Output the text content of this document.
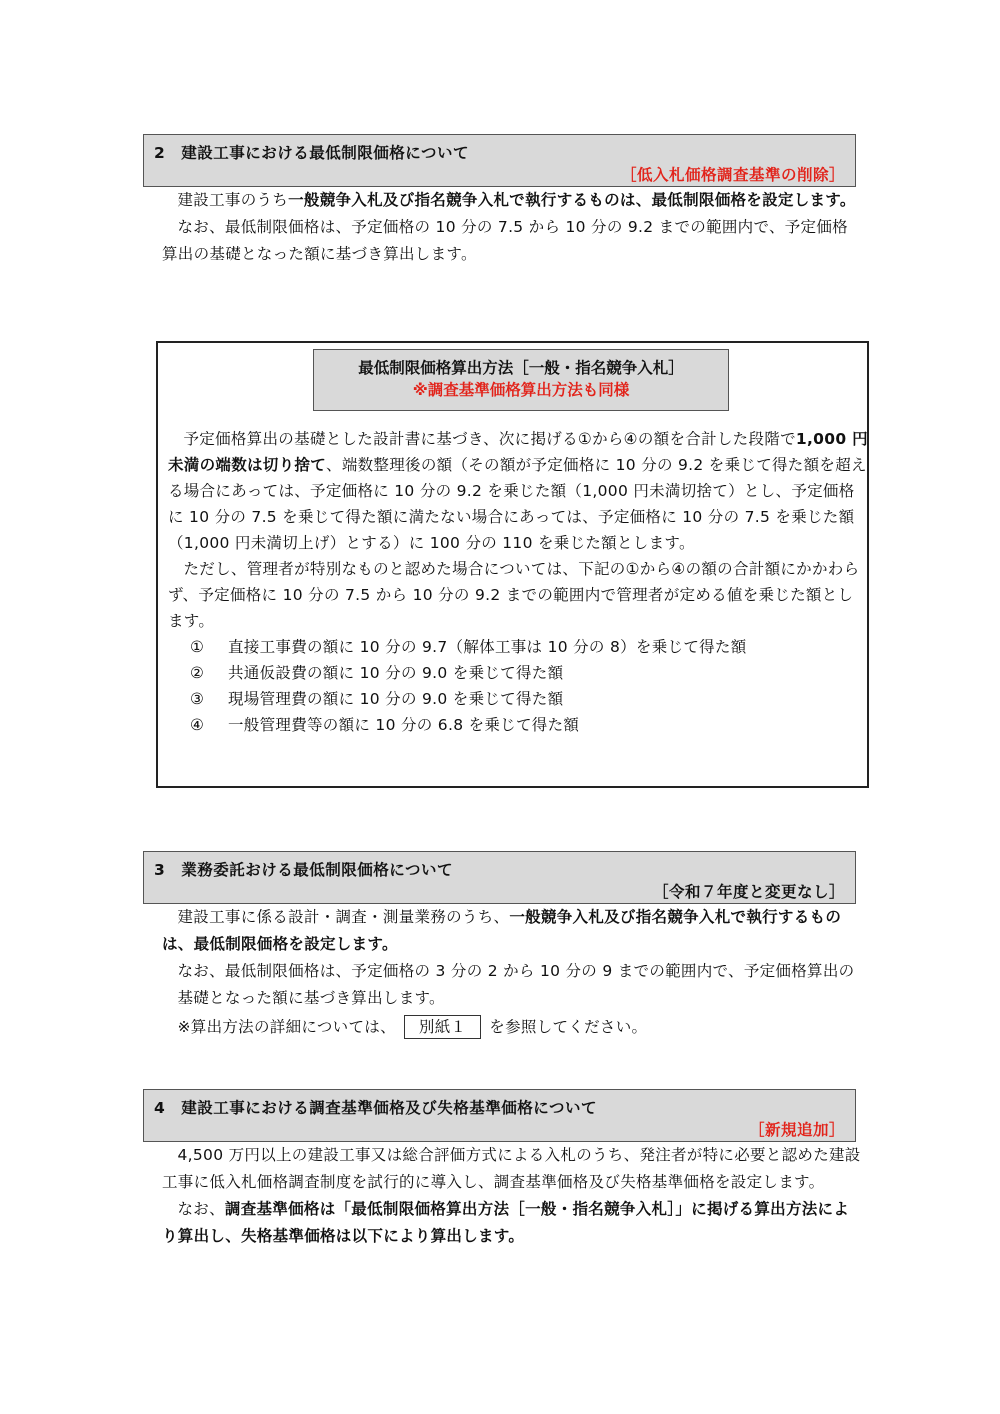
2　建設工事における最低制限価格について
［低入札価格調査基準の削除］

建設工事のうち一般競争入札及び指名競争入札で執行するものは、最低制限価格を設定します。

なお、最低制限価格は、予定価格の 10 分の 7.5 から 10 分の 9.2 までの範囲内で、予定価格算出の基礎となった額に基づき算出します。

最低制限価格算出方法［一般・指名競争入札］
※調査基準価格算出方法も同様

予定価格算出の基礎とした設計書に基づき、次に掲げる①から④の額を合計した段階で1,000 円未満の端数は切り捨て、端数整理後の額（その額が予定価格に 10 分の 9.2 を乗じて得た額を超える場合にあっては、予定価格に 10 分の 9.2 を乗じた額（1,000 円未満切捨て）とし、予定価格に 10 分の 7.5 を乗じて得た額に満たない場合にあっては、予定価格に 10 分の 7.5 を乗じた額（1,000 円未満切上げ）とする）に 100 分の 110 を乗じた額とします。

ただし、管理者が特別なものと認めた場合については、下記の①から④の額の合計額にかかわらず、予定価格に 10 分の 7.5 から 10 分の 9.2 までの範囲内で管理者が定める値を乗じた額とします。

① 直接工事費の額に 10 分の 9.7（解体工事は 10 分の 8）を乗じて得た額

② 共通仮設費の額に 10 分の 9.0 を乗じて得た額

③ 現場管理費の額に 10 分の 9.0 を乗じて得た額

④ 一般管理費等の額に 10 分の 6.8 を乗じて得た額

3　業務委託おける最低制限価格について
［令和７年度と変更なし］

建設工事に係る設計・調査・測量業務のうち、一般競争入札及び指名競争入札で執行するものは、最低制限価格を設定します。

なお、最低制限価格は、予定価格の 3 分の 2 から 10 分の 9 までの範囲内で、予定価格算出の基礎となった額に基づき算出します。

※算出方法の詳細については、 別紙１ を参照してください。

4　建設工事における調査基準価格及び失格基準価格について
［新規追加］

4,500 万円以上の建設工事又は総合評価方式による入札のうち、発注者が特に必要と認めた建設工事に低入札価格調査制度を試行的に導入し、調査基準価格及び失格基準価格を設定します。

なお、調査基準価格は「最低制限価格算出方法［一般・指名競争入札］」に掲げる算出方法により算出し、失格基準価格は以下により算出します。
